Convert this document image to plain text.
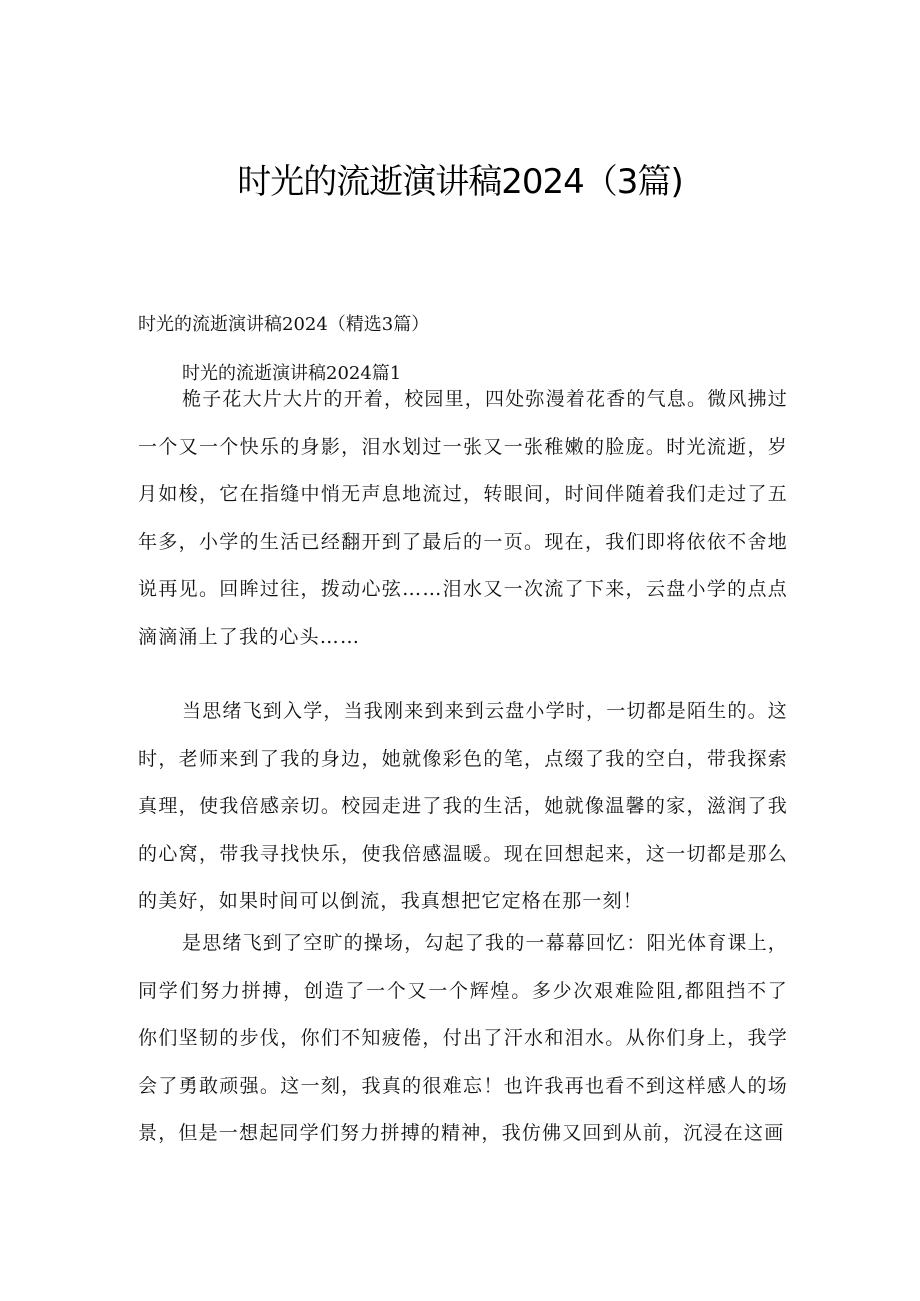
时光的流逝演讲稿2024（3篇)

时光的流逝演讲稿2024（精选3篇）

时光的流逝演讲稿2024篇1

桅子花大片大片的开着，校园里，四处弥漫着花香的气息。微风拂过一个又一个快乐的身影，泪水划过一张又一张稚嫩的脸庞。时光流逝，岁月如梭，它在指缝中悄无声息地流过，转眼间，时间伴随着我们走过了五年多，小学的生活已经翻开到了最后的一页。现在，我们即将依依不舍地说再见。回眸过往，拨动心弦……泪水又一次流了下来，云盘小学的点点滴滴涌上了我的心头……

当思绪飞到入学，当我刚来到来到云盘小学时，一切都是陌生的。这时，老师来到了我的身边，她就像彩色的笔，点缀了我的空白，带我探索真理，使我倍感亲切。校园走进了我的生活，她就像温馨的家，滋润了我的心窝，带我寻找快乐，使我倍感温暖。现在回想起来，这一切都是那么的美好，如果时间可以倒流，我真想把它定格在那一刻！

是思绪飞到了空旷的操场，勾起了我的一幕幕回忆：阳光体育课上，同学们努力拼搏，创造了一个又一个辉煌。多少次艰难险阻,都阻挡不了你们坚韧的步伐，你们不知疲倦，付出了汗水和泪水。从你们身上，我学会了勇敢顽强。这一刻，我真的很难忘！也许我再也看不到这样感人的场景，但是一想起同学们努力拼搏的精神，我仿佛又回到从前，沉浸在这画
